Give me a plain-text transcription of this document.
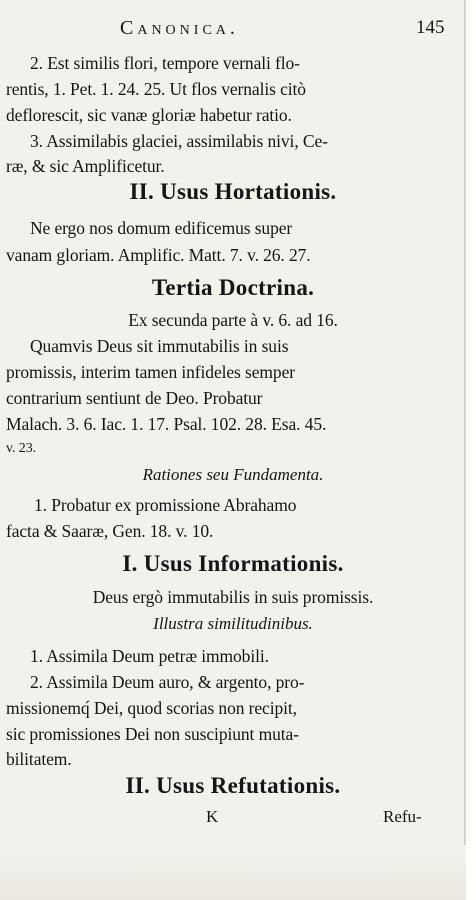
Canonica.	145
2. Est similis flori, tempore vernali flo-
rentis, 1. Pet. 1. 24. 25. Ut flos vernalis citò
deflorescit, sic vanæ gloriæ habetur ratio.
3. Assimilabis glaciei, assimilabis nivi, Ce-
ræ, & sic Amplificetur.
II. Usus Hortationis.
Ne ergo nos domum edificemus super
vanam gloriam. Amplific. Matt. 7. v. 26. 27.
Tertia Doctrina.
Ex secunda parte à v. 6. ad 16.
Quamvis Deus sit immutabilis in suis
promissis, interim tamen infideles semper
contrarium sentiunt de Deo. Probatur
Malach. 3. 6. Iac. 1. 17. Psal. 102. 28. Esa. 45.
v. 23.
Rationes seu Fundamenta.
1. Probatur ex promissione Abrahamo
facta & Saaræ, Gen. 18. v. 10.
I. Usus Informationis.
Deus ergò immutabilis in suis promissis.
Illustra similitudinibus.
1. Assimila Deum petræ immobili.
2. Assimila Deum auro, & argento, pro-
missionemq́ Dei, quod scorias non recipit,
sic promissiones Dei non suscipiunt muta-
bilitatem.
II. Usus Refutationis.
K	Refu-
